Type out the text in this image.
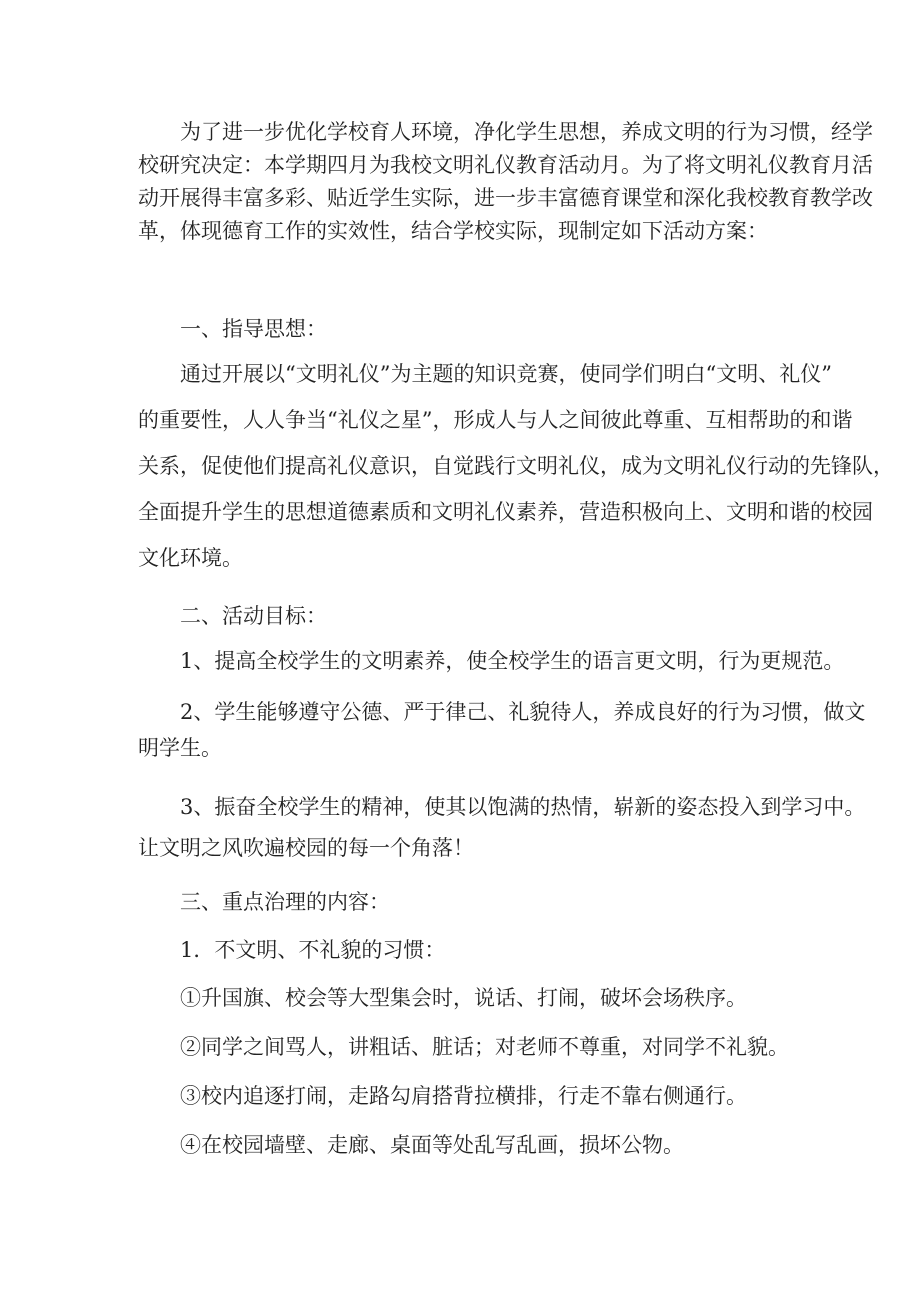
为了进一步优化学校育人环境，净化学生思想，养成文明的行为习惯，经学

校研究决定：本学期四月为我校文明礼仪教育活动月。为了将文明礼仪教育月活

动开展得丰富多彩、贴近学生实际，进一步丰富德育课堂和深化我校教育教学改

革，体现德育工作的实效性，结合学校实际，现制定如下活动方案：

一、指导思想：

通过开展以“文明礼仪”为主题的知识竞赛，使同学们明白“文明、礼仪”

的重要性，人人争当“礼仪之星”，形成人与人之间彼此尊重、互相帮助的和谐

关系，促使他们提高礼仪意识，自觉践行文明礼仪，成为文明礼仪行动的先锋队，

全面提升学生的思想道德素质和文明礼仪素养，营造积极向上、文明和谐的校园

文化环境。

二、活动目标：

1、提高全校学生的文明素养，使全校学生的语言更文明，行为更规范。

2、学生能够遵守公德、严于律己、礼貌待人，养成良好的行为习惯，做文

明学生。

3、振奋全校学生的精神，使其以饱满的热情，崭新的姿态投入到学习中。

让文明之风吹遍校园的每一个角落！

三、重点治理的内容：

1．不文明、不礼貌的习惯：

①升国旗、校会等大型集会时，说话、打闹，破坏会场秩序。

②同学之间骂人，讲粗话、脏话；对老师不尊重，对同学不礼貌。

③校内追逐打闹，走路勾肩搭背拉横排，行走不靠右侧通行。

④在校园墙壁、走廊、桌面等处乱写乱画，损坏公物。
